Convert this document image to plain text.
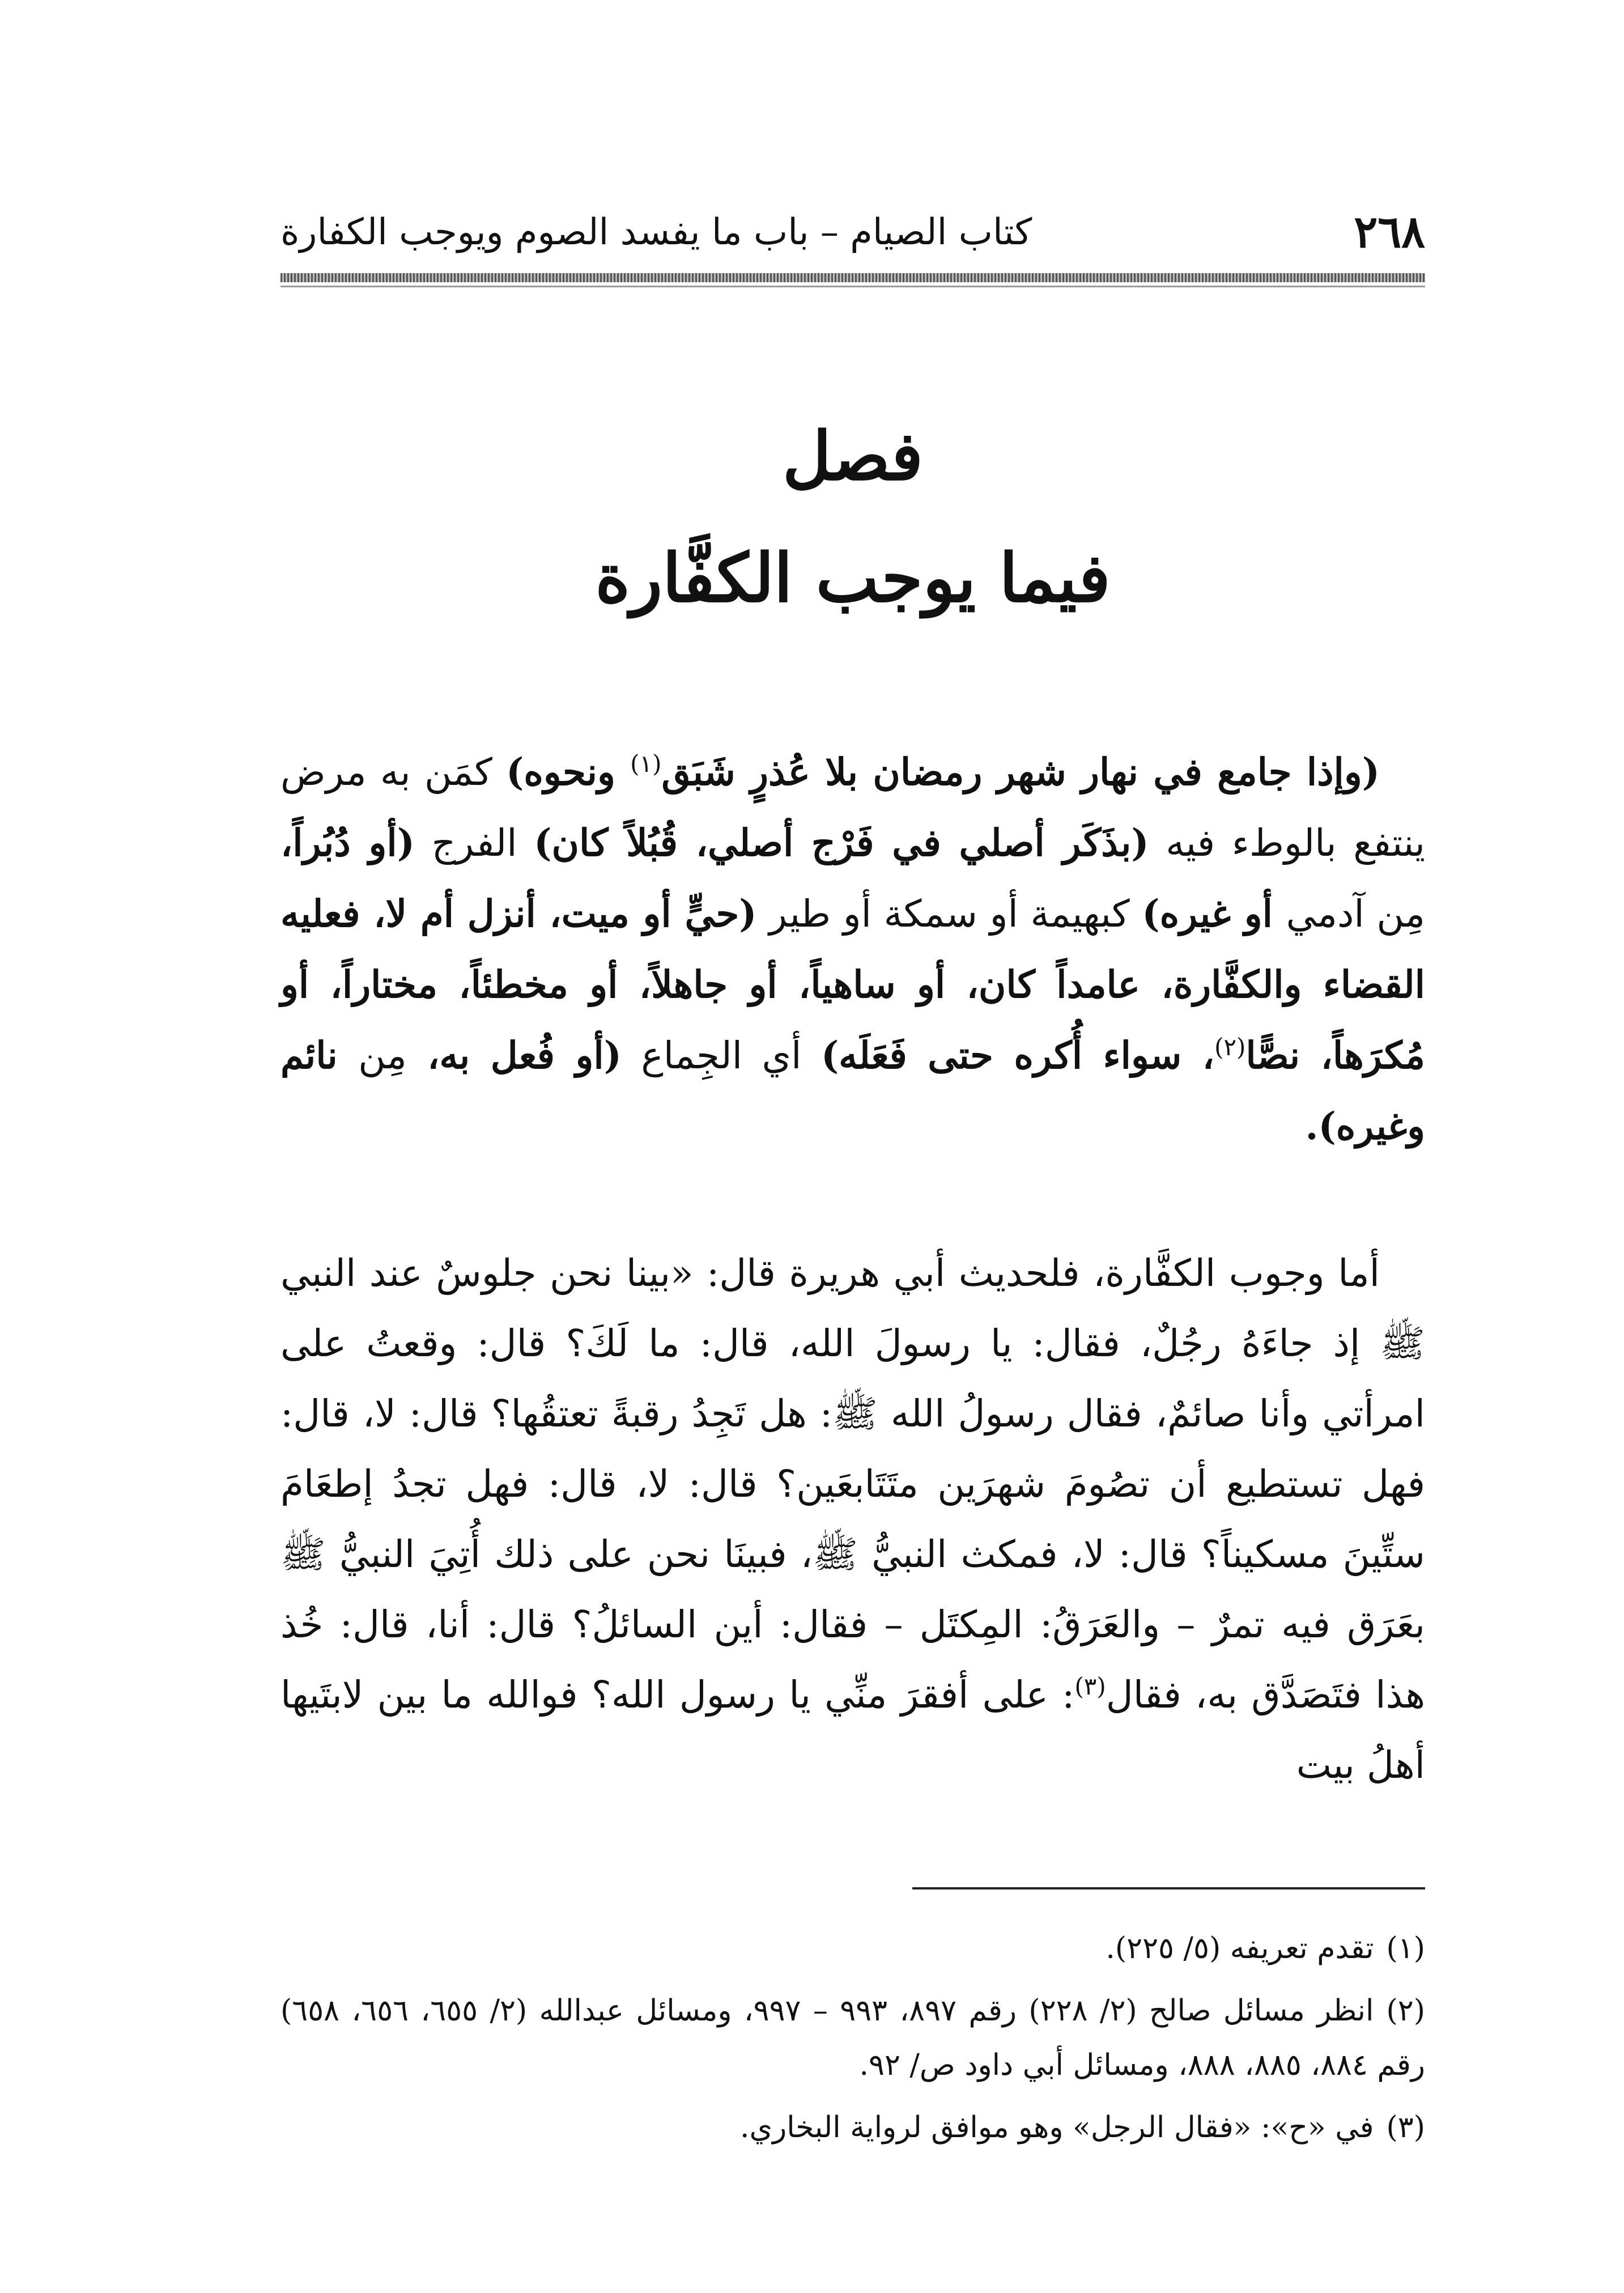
٢٦٨
كتاب الصيام – باب ما يفسد الصوم ويوجب الكفارة
فصل
فيما يوجب الكفَّارة

(وإذا جامع في نهار شهر رمضان بلا عُذرٍ شَبَق$^{(١)}$ ونحوه) كمَن به مرض ينتفع بالوطء فيه (بذَكَر أصلي في فَرْج أصلي، قُبُلاً كان) الفرج (أو دُبُراً، مِن آدمي أو غيره) كبهيمة أو سمكة أو طير (حيٍّ أو ميت، أنزل أم لا، فعليه القضاء والكفَّارة، عامداً كان، أو ساهياً، أو جاهلاً، أو مخطئاً، مختاراً، أو مُكرَهاً، نصًّا$^{(٢)}$، سواء أُكره حتى فَعَلَه) أي الجِماع (أو فُعل به، مِن نائم وغيره).

أما وجوب الكفَّارة، فلحديث أبي هريرة قال: «بينا نحن جلوسٌ عند النبي ﷺ إذ جاءَهُ رجُلٌ، فقال: يا رسولَ الله، قال: ما لَكَ؟ قال: وقعتُ على امرأتي وأنا صائمٌ، فقال رسولُ الله ﷺ: هل تَجِدُ رقبةً تعتقُها؟ قال: لا، قال: فهل تستطيع أن تصُومَ شهرَين متَتَابعَين؟ قال: لا، قال: فهل تجدُ إطعَامَ ستِّينَ مسكيناً؟ قال: لا، فمكث النبيُّ ﷺ، فبينَا نحن على ذلك أُتِيَ النبيُّ ﷺ بعَرَق فيه تمرٌ – والعَرَقُ: المِكتَل – فقال: أين السائلُ؟ قال: أنا، قال: خُذ هذا فتَصَدَّق به، فقال$^{(٣)}$: على أفقرَ منِّي يا رسول الله؟ فوالله ما بين لابتَيها أهلُ بيت

(١)تقدم تعريفه (٥/ ٢٢٥).
(٢)انظر مسائل صالح (٢/ ٢٢٨) رقم ٨٩٧، ٩٩٣ – ٩٩٧، ومسائل عبدالله (٢/ ٦٥٥، ٦٥٦، ٦٥٨) رقم ٨٨٤، ٨٨٥، ٨٨٨، ومسائل أبي داود ص/ ٩٢.
(٣)في «ح»: «فقال الرجل» وهو موافق لرواية البخاري.
